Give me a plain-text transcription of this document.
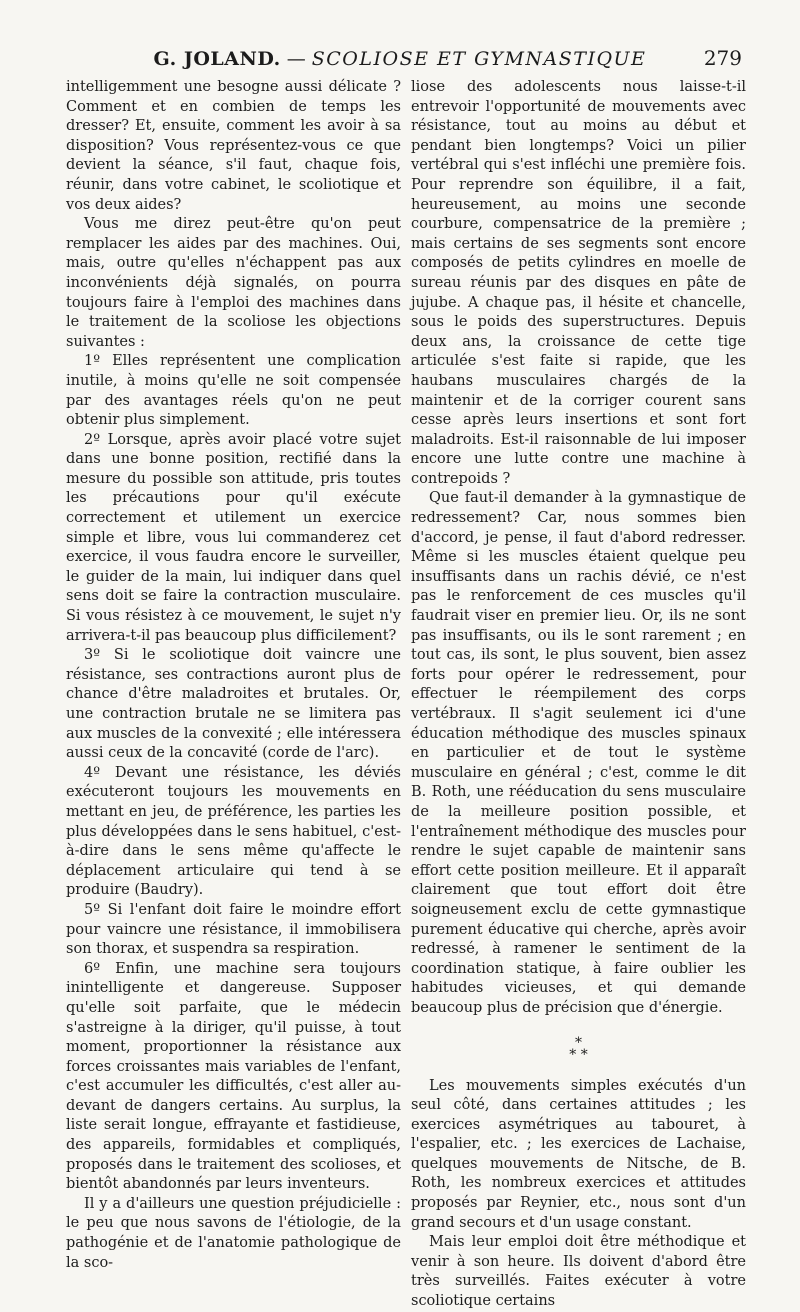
G. JOLAND. — SCOLIOSE ET GYMNASTIQUE	279

intelligemment une besogne aussi délicate ? Comment et en combien de temps les dresser? Et, ensuite, comment les avoir à sa disposition? Vous représentez-vous ce que devient la séance, s'il faut, chaque fois, réunir, dans votre cabinet, le scoliotique et vos deux aides?

Vous me direz peut-être qu'on peut remplacer les aides par des machines. Oui, mais, outre qu'elles n'échappent pas aux inconvénients déjà signalés, on pourra toujours faire à l'emploi des machines dans le traitement de la scoliose les objections suivantes :

1º Elles représentent une complication inutile, à moins qu'elle ne soit compensée par des avantages réels qu'on ne peut obtenir plus simplement.

2º Lorsque, après avoir placé votre sujet dans une bonne position, rectifié dans la mesure du possible son attitude, pris toutes les précautions pour qu'il exécute correctement et utilement un exercice simple et libre, vous lui commanderez cet exercice, il vous faudra encore le surveiller, le guider de la main, lui indiquer dans quel sens doit se faire la contraction musculaire. Si vous résistez à ce mouvement, le sujet n'y arrivera-t-il pas beaucoup plus difficilement?

3º Si le scoliotique doit vaincre une résistance, ses contractions auront plus de chance d'être maladroites et brutales. Or, une contraction brutale ne se limitera pas aux muscles de la convexité ; elle intéressera aussi ceux de la concavité (corde de l'arc).

4º Devant une résistance, les déviés exécuteront toujours les mouvements en mettant en jeu, de préférence, les parties les plus développées dans le sens habituel, c'est-à-dire dans le sens même qu'affecte le déplacement articulaire qui tend à se produire (Baudry).

5º Si l'enfant doit faire le moindre effort pour vaincre une résistance, il immobilisera son thorax, et suspendra sa respiration.

6º Enfin, une machine sera toujours inintelligente et dangereuse. Supposer qu'elle soit parfaite, que le médecin s'astreigne à la diriger, qu'il puisse, à tout moment, proportionner la résistance aux forces croissantes mais variables de l'enfant, c'est accumuler les difficultés, c'est aller au-devant de dangers certains. Au surplus, la liste serait longue, effrayante et fastidieuse, des appareils, formidables et compliqués, proposés dans le traitement des scolioses, et bientôt abandonnés par leurs inventeurs.

Il y a d'ailleurs une question préjudicielle : le peu que nous savons de l'étiologie, de la pathogénie et de l'anatomie pathologique de la sco-

liose des adolescents nous laisse-t-il entrevoir l'opportunité de mouvements avec résistance, tout au moins au début et pendant bien longtemps? Voici un pilier vertébral qui s'est infléchi une première fois. Pour reprendre son équilibre, il a fait, heureusement, au moins une seconde courbure, compensatrice de la première ; mais certains de ses segments sont encore composés de petits cylindres en moelle de sureau réunis par des disques en pâte de jujube. A chaque pas, il hésite et chancelle, sous le poids des superstructures. Depuis deux ans, la croissance de cette tige articulée s'est faite si rapide, que les haubans musculaires chargés de la maintenir et de la corriger courent sans cesse après leurs insertions et sont fort maladroits. Est-il raisonnable de lui imposer encore une lutte contre une machine à contrepoids ?

Que faut-il demander à la gymnastique de redressement? Car, nous sommes bien d'accord, je pense, il faut d'abord redresser. Même si les muscles étaient quelque peu insuffisants dans un rachis dévié, ce n'est pas le renforcement de ces muscles qu'il faudrait viser en premier lieu. Or, ils ne sont pas insuffisants, ou ils le sont rarement ; en tout cas, ils sont, le plus souvent, bien assez forts pour opérer le redressement, pour effectuer le réempilement des corps vertébraux. Il s'agit seulement ici d'une éducation méthodique des muscles spinaux en particulier et de tout le système musculaire en général ; c'est, comme le dit B. Roth, une rééducation du sens musculaire de la meilleure position possible, et l'entraînement méthodique des muscles pour rendre le sujet capable de maintenir sans effort cette position meilleure. Et il apparaît clairement que tout effort doit être soigneusement exclu de cette gymnastique purement éducative qui cherche, après avoir redressé, à ramener le sentiment de la coordination statique, à faire oublier les habitudes vicieuses, et qui demande beaucoup plus de précision que d'énergie.

*
* *

Les mouvements simples exécutés d'un seul côté, dans certaines attitudes ; les exercices asymétriques au tabouret, à l'espalier, etc. ; les exercices de Lachaise, quelques mouvements de Nitsche, de B. Roth, les nombreux exercices et attitudes proposés par Reynier, etc., nous sont d'un grand secours et d'un usage constant.

Mais leur emploi doit être méthodique et venir à son heure. Ils doivent d'abord être très surveillés. Faites exécuter à votre scoliotique certains
